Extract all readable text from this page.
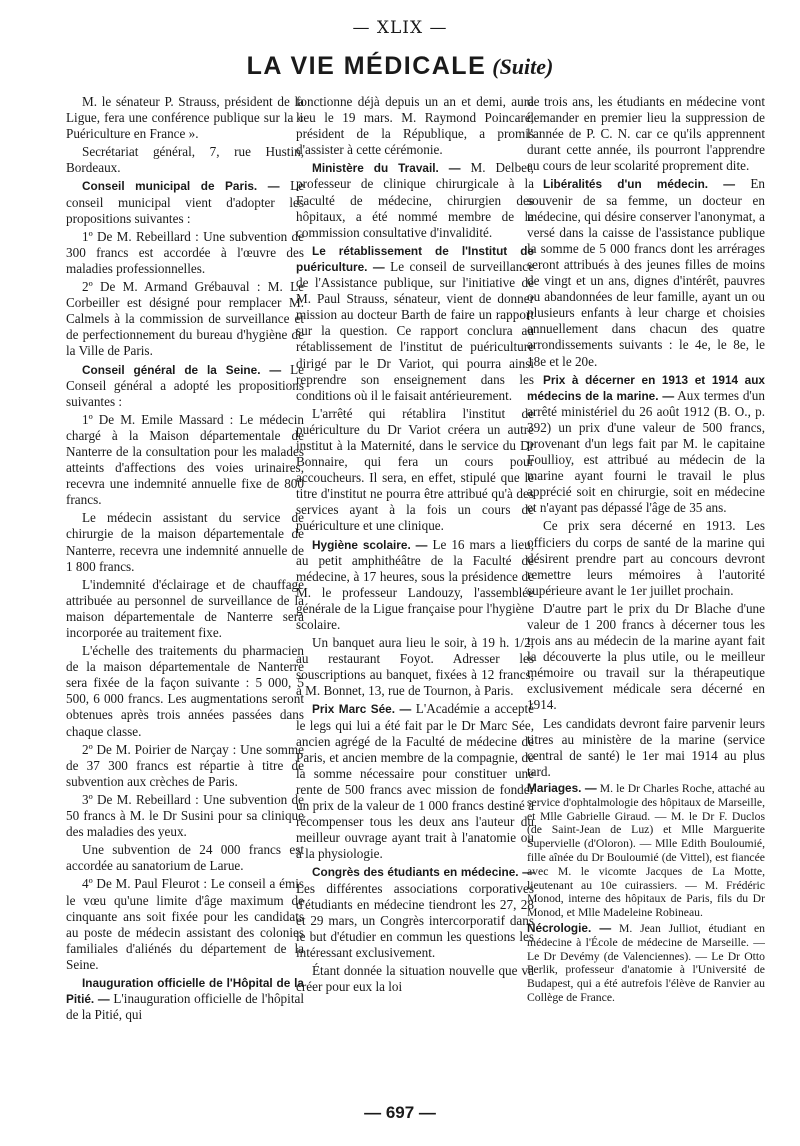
— XLIX —
LA VIE MÉDICALE (Suite)

M. le sénateur P. Strauss, président de la Ligue, fera une conférence publique sur la « Puériculture en France ».

Secrétariat général, 7, rue Hustin, Bordeaux.

Conseil municipal de Paris. — Le conseil municipal vient d'adopter les propositions suivantes :

1º De M. Rebeillard : Une subvention de 300 francs est accordée à l'œuvre des maladies professionnelles.

2º De M. Armand Grébauval : M. Le Corbeiller est désigné pour remplacer M. Calmels à la commission de surveillance et de perfectionnement du bureau d'hygiène de la Ville de Paris.

Conseil général de la Seine. — Le Conseil général a adopté les propositions suivantes :

1º De M. Emile Massard : Le médecin chargé à la Maison départementale de Nanterre de la consultation pour les malades atteints d'affections des voies urinaires, recevra une indemnité annuelle fixe de 800 francs.

Le médecin assistant du service de chirurgie de la maison départementale de Nanterre, recevra une indemnité annuelle de 1 800 francs.

L'indemnité d'éclairage et de chauffage attribuée au personnel de surveillance de la maison départementale de Nanterre sera incorporée au traitement fixe.

L'échelle des traitements du pharmacien de la maison départementale de Nanterre sera fixée de la façon suivante : 5 000, 5 500, 6 000 francs. Les augmentations seront obtenues après trois années passées dans chaque classe.

2º De M. Poirier de Narçay : Une somme de 37 300 francs est répartie à titre de subvention aux crèches de Paris.

3º De M. Rebeillard : Une subvention de 50 francs à M. le Dr Susini pour sa clinique des maladies des yeux.

Une subvention de 24 000 francs est accordée au sanatorium de Larue.

4º De M. Paul Fleurot : Le conseil a émis le vœu qu'une limite d'âge maximum de cinquante ans soit fixée pour les candidats au poste de médecin assistant des colonies familiales d'aliénés du département de la Seine.

Inauguration officielle de l'Hôpital de la Pitié. — L'inauguration officielle de l'hôpital de la Pitié, qui

fonctionne déjà depuis un an et demi, aura lieu le 19 mars. M. Raymond Poincaré, président de la République, a promis d'assister à cette cérémonie.

Ministère du Travail. — M. Delbet, professeur de clinique chirurgicale à la Faculté de médecine, chirurgien des hôpitaux, a été nommé membre de la commission consultative d'invalidité.

Le rétablissement de l'Institut de puériculture. — Le conseil de surveillance de l'Assistance publique, sur l'initiative de M. Paul Strauss, sénateur, vient de donner mission au docteur Barth de faire un rapport sur la question. Ce rapport conclura au rétablissement de l'institut de puériculture dirigé par le Dr Variot, qui pourra ainsi reprendre son enseignement dans les conditions où il le faisait antérieurement.

L'arrêté qui rétablira l'institut de puériculture du Dr Variot créera un autre institut à la Maternité, dans le service du Dr Bonnaire, qui fera un cours pour accoucheurs. Il sera, en effet, stipulé que le titre d'institut ne pourra être attribué qu'à des services ayant à la fois un cours de puériculture et une clinique.

Hygiène scolaire. — Le 16 mars a lieu, au petit amphithéâtre de la Faculté de médecine, à 17 heures, sous la présidence de M. le professeur Landouzy, l'assemblée générale de la Ligue française pour l'hygiène scolaire.

Un banquet aura lieu le soir, à 19 h. 1/2, au restaurant Foyot. Adresser les souscriptions au banquet, fixées à 12 francs, à M. Bonnet, 13, rue de Tournon, à Paris.

Prix Marc Sée. — L'Académie a accepté le legs qui lui a été fait par le Dr Marc Sée, ancien agrégé de la Faculté de médecine de Paris, et ancien membre de la compagnie, de la somme nécessaire pour constituer une rente de 500 francs avec mission de fonder un prix de la valeur de 1 000 francs destiné à récompenser tous les deux ans l'auteur du meilleur ouvrage ayant trait à l'anatomie ou à la physiologie.

Congrès des étudiants en médecine. — Les différentes associations corporatives d'étudiants en médecine tiendront les 27, 28 et 29 mars, un Congrès intercorporatif dans le but d'étudier en commun les questions les intéressant exclusivement.

Étant donnée la situation nouvelle que va créer pour eux la loi

de trois ans, les étudiants en médecine vont demander en premier lieu la suppression de l'année de P. C. N. car ce qu'ils apprennent durant cette année, ils pourront l'apprendre au cours de leur scolarité proprement dite.

Libéralités d'un médecin. — En souvenir de sa femme, un docteur en médecine, qui désire conserver l'anonymat, a versé dans la caisse de l'assistance publique la somme de 5 000 francs dont les arrérages seront attribués à des jeunes filles de moins de vingt et un ans, dignes d'intérêt, pauvres ou abandonnées de leur famille, ayant un ou plusieurs enfants à leur charge et choisies annuellement dans chacun des quatre arrondissements suivants : le 4e, le 8e, le 18e et le 20e.

Prix à décerner en 1913 et 1914 aux médecins de la marine. — Aux termes d'un arrêté ministériel du 26 août 1912 (B. O., p. 392) un prix d'une valeur de 500 francs, provenant d'un legs fait par M. le capitaine Foullioy, est attribué au médecin de la marine ayant fourni le travail le plus apprécié soit en chirurgie, soit en médecine et n'ayant pas dépassé l'âge de 35 ans.

Ce prix sera décerné en 1913. Les officiers du corps de santé de la marine qui désirent prendre part au concours devront remettre leurs mémoires à l'autorité supérieure avant le 1er juillet prochain.

D'autre part le prix du Dr Blache d'une valeur de 1 200 francs à décerner tous les trois ans au médecin de la marine ayant fait la découverte la plus utile, ou le meilleur mémoire ou travail sur la thérapeutique exclusivement médicale sera décerné en 1914.

Les candidats devront faire parvenir leurs titres au ministère de la marine (service central de santé) le 1er mai 1914 au plus tard.

Mariages. — M. le Dr Charles Roche, attaché au service d'ophtalmologie des hôpitaux de Marseille, et Mlle Gabrielle Giraud. — M. le Dr F. Duclos (de Saint-Jean de Luz) et Mlle Marguerite Supervielle (d'Oloron). — Mlle Edith Bouloumié, fille aînée du Dr Bouloumié (de Vittel), est fiancée avec M. le vicomte Jacques de La Motte, lieutenant au 10e cuirassiers. — M. Frédéric Monod, interne des hôpitaux de Paris, fils du Dr Monod, et Mlle Madeleine Robineau.

Nécrologie. — M. Jean Julliot, étudiant en médecine à l'École de médecine de Marseille. — Le Dr Devémy (de Valenciennes). — Le Dr Otto Perlik, professeur d'anatomie à l'Université de Budapest, qui a été autrefois l'élève de Ranvier au Collège de France.

— 697 —
